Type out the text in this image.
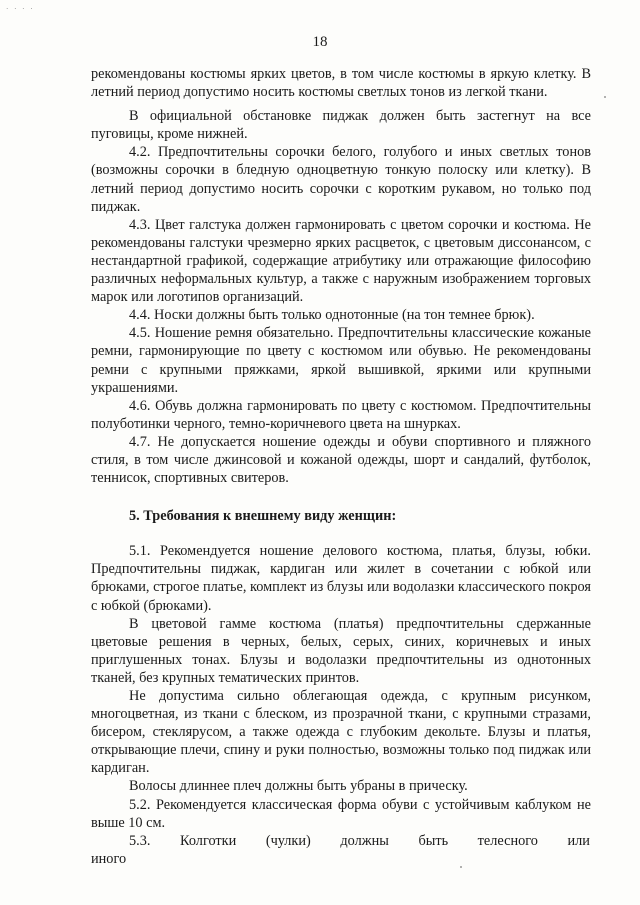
· · · ·
18

рекомендованы костюмы ярких цветов, в том числе костюмы в яркую клетку. В летний период допустимо носить костюмы светлых тонов из легкой ткани.

В официальной обстановке пиджак должен быть застегнут на все пуговицы, кроме нижней.

4.2. Предпочтительны сорочки белого, голубого и иных светлых тонов (возможны сорочки в бледную одноцветную тонкую полоску или клетку). В летний период допустимо носить сорочки с коротким рукавом, но только под пиджак.

4.3. Цвет галстука должен гармонировать с цветом сорочки и костюма. Не рекомендованы галстуки чрезмерно ярких расцветок, с цветовым диссонансом, с нестандартной графикой, содержащие атрибутику или отражающие философию различных неформальных культур, а также с наружным изображением торговых марок или логотипов организаций.

4.4. Носки должны быть только однотонные (на тон темнее брюк).

4.5. Ношение ремня обязательно. Предпочтительны классические кожаные ремни, гармонирующие по цвету с костюмом или обувью. Не рекомендованы ремни с крупными пряжками, яркой вышивкой, яркими или крупными украшениями.

4.6. Обувь должна гармонировать по цвету с костюмом. Предпочтительны полуботинки черного, темно-коричневого цвета на шнурках.

4.7. Не допускается ношение одежды и обуви спортивного и пляжного стиля, в том числе джинсовой и кожаной одежды, шорт и сандалий, футболок, теннисок, спортивных свитеров.

5. Требования к внешнему виду женщин:

5.1. Рекомендуется ношение делового костюма, платья, блузы, юбки. Предпочтительны пиджак, кардиган или жилет в сочетании с юбкой или брюками, строгое платье, комплект из блузы или водолазки классического покроя с юбкой (брюками).

В цветовой гамме костюма (платья) предпочтительны сдержанные цветовые решения в черных, белых, серых, синих, коричневых и иных приглушенных тонах. Блузы и водолазки предпочтительны из однотонных тканей, без крупных тематических принтов.

Не допустима сильно облегающая одежда, с крупным рисунком, многоцветная, из ткани с блеском, из прозрачной ткани, с крупными стразами, бисером, стеклярусом, а также одежда с глубоким декольте. Блузы и платья, открывающие плечи, спину и руки полностью, возможны только под пиджак или кардиган.

Волосы длиннее плеч должны быть убраны в прическу.

5.2. Рекомендуется классическая форма обуви с устойчивым каблуком не выше 10 см.

5.3. Колготки (чулки) должны быть телесного или иного
